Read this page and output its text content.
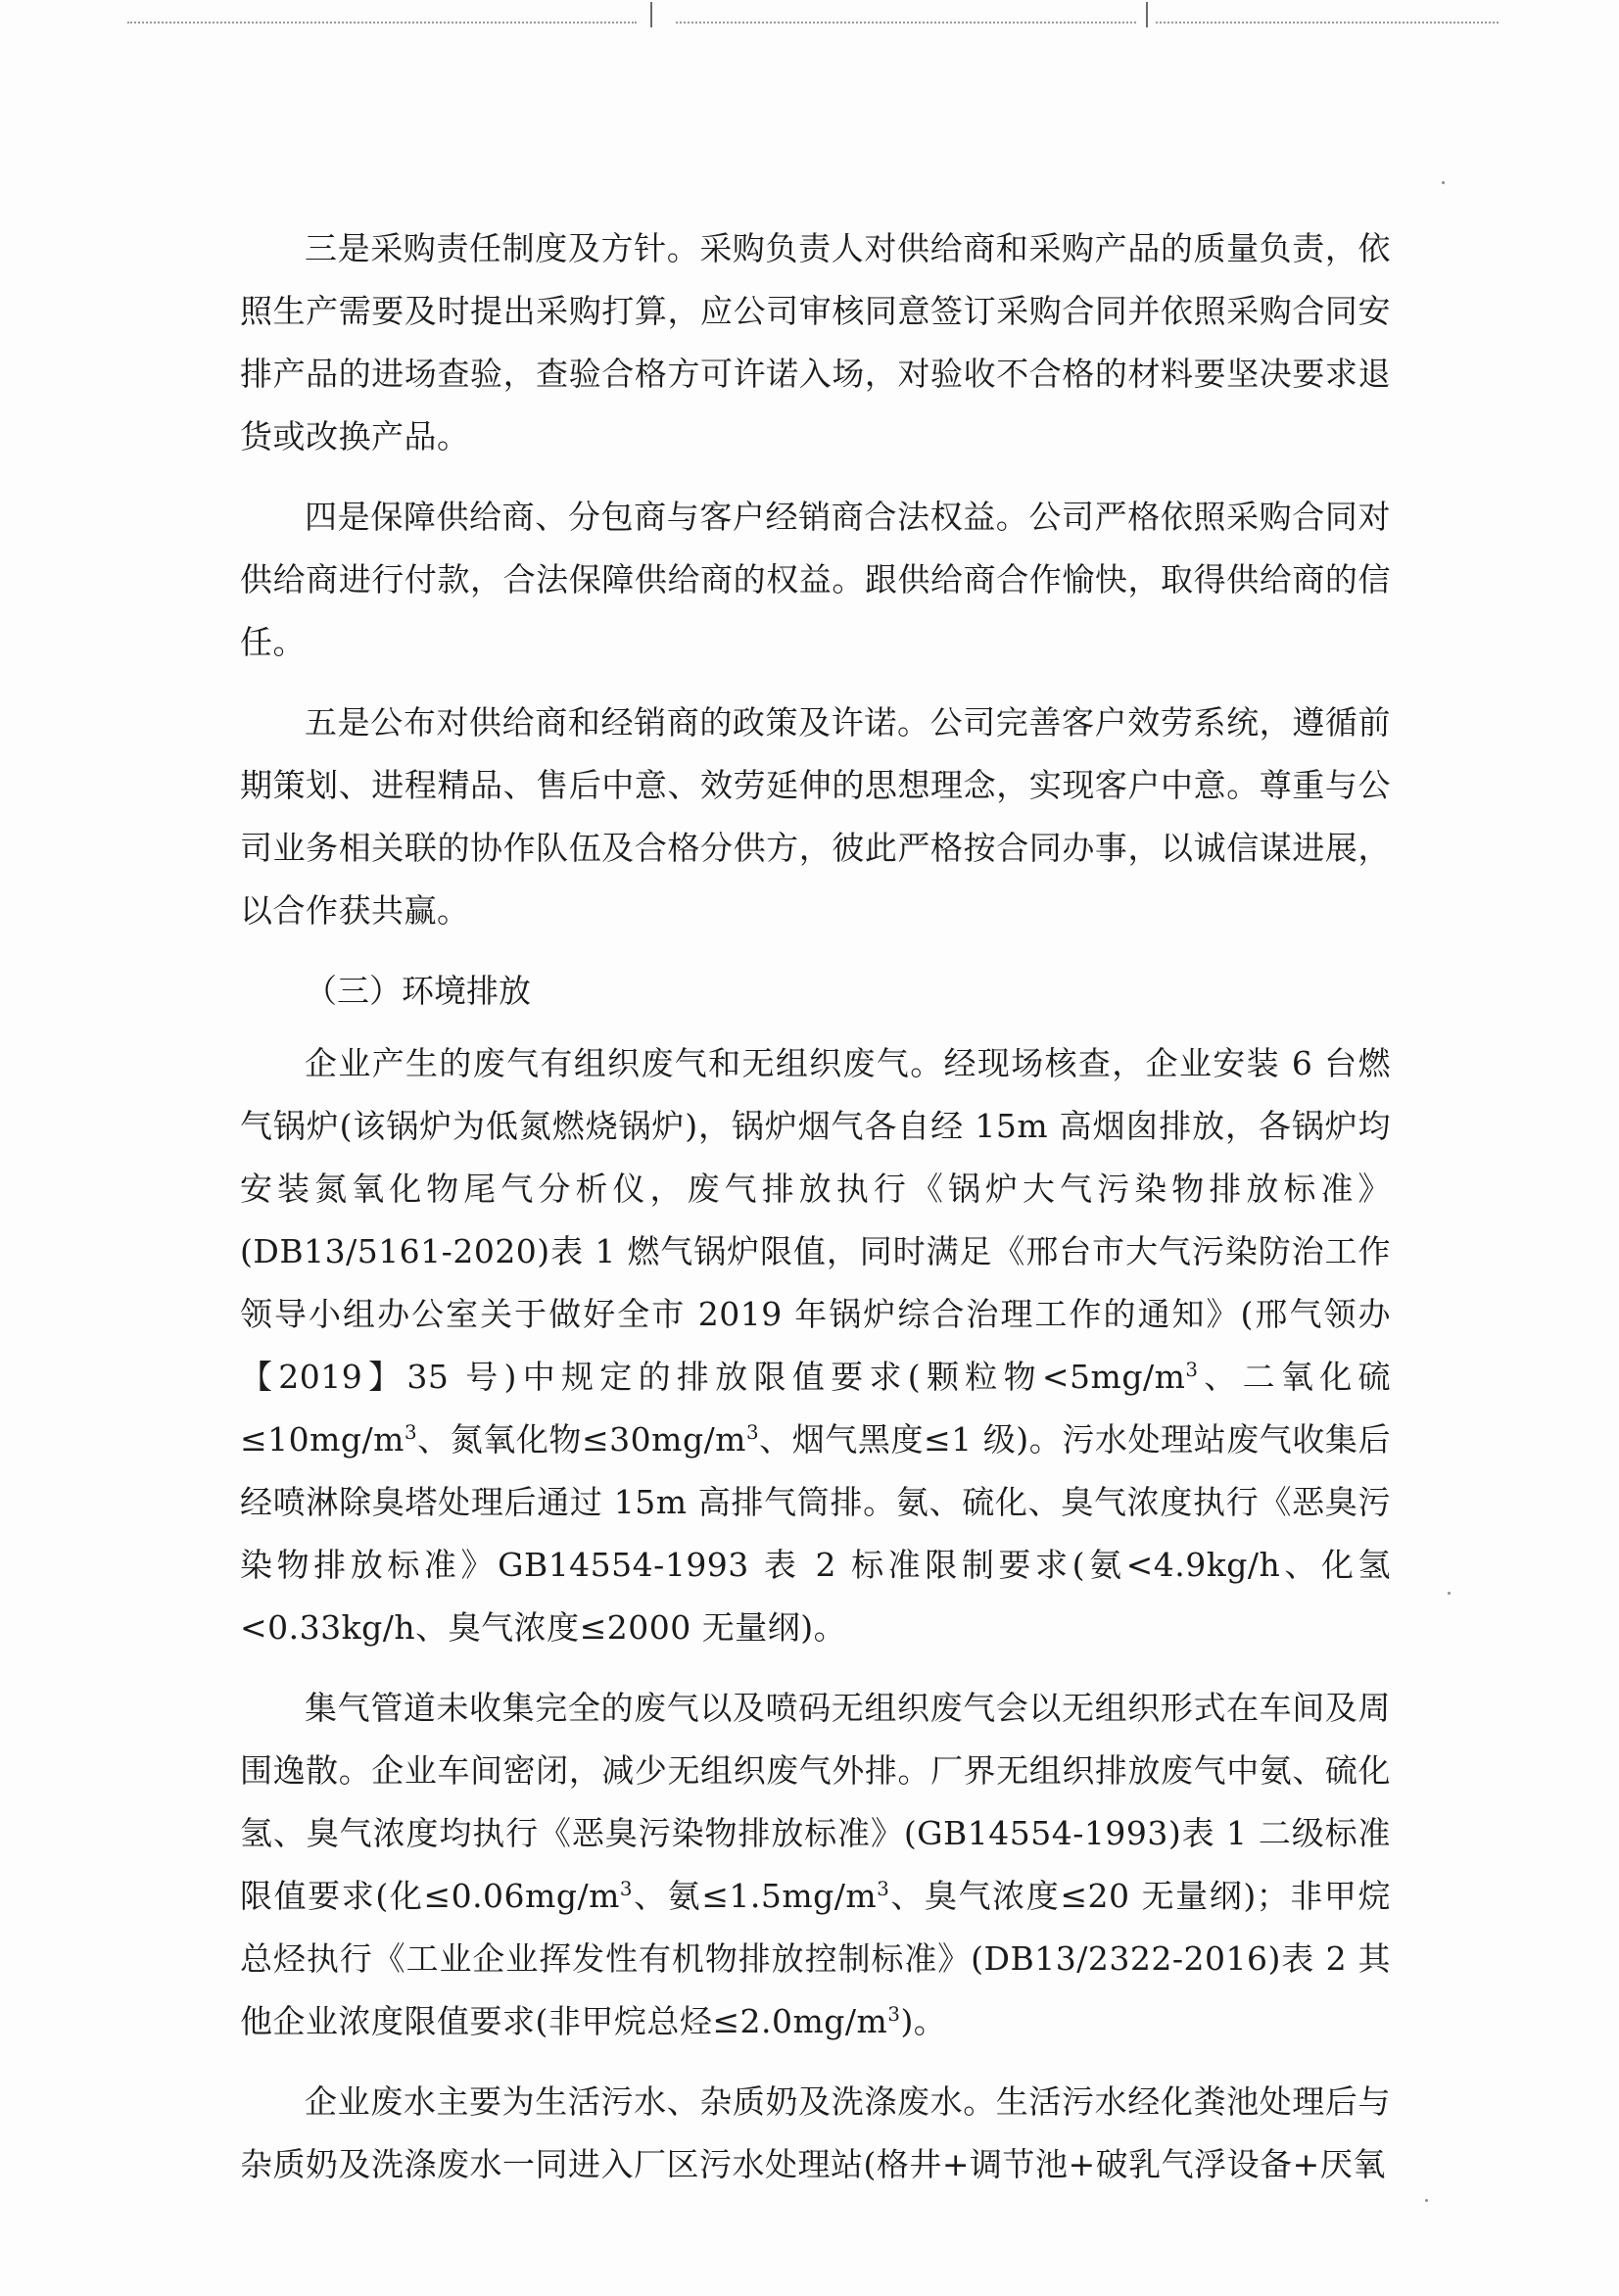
三是采购责任制度及方针。采购负责人对供给商和采购产品的质量负责，依照生产需要及时提出采购打算，应公司审核同意签订采购合同并依照采购合同安排产品的进场查验，查验合格方可许诺入场，对验收不合格的材料要坚决要求退货或改换产品。

四是保障供给商、分包商与客户经销商合法权益。公司严格依照采购合同对供给商进行付款，合法保障供给商的权益。跟供给商合作愉快，取得供给商的信任。

五是公布对供给商和经销商的政策及许诺。公司完善客户效劳系统，遵循前期策划、进程精品、售后中意、效劳延伸的思想理念，实现客户中意。尊重与公司业务相关联的协作队伍及合格分供方，彼此严格按合同办事，以诚信谋进展，以合作获共赢。

（三）环境排放

企业产生的废气有组织废气和无组织废气。经现场核查，企业安装 6 台燃气锅炉(该锅炉为低氮燃烧锅炉)，锅炉烟气各自经 15m 高烟囱排放，各锅炉均安装氮氧化物尾气分析仪，废气排放执行《锅炉大气污染物排放标准》(DB13/5161-2020)表 1 燃气锅炉限值，同时满足《邢台市大气污染防治工作领导小组办公室关于做好全市 2019 年锅炉综合治理工作的通知》(邢气领办【2019】35 号)中规定的排放限值要求(颗粒物$<5mg/m^3$、二氧化硫$\le 10mg/m^3$、氮氧化物$\le 30mg/m^3$、烟气黑度≤1 级)。污水处理站废气收集后经喷淋除臭塔处理后通过 15m 高排气筒排。氨、硫化、臭气浓度执行《恶臭污染物排放标准》GB14554-1993 表 2 标准限制要求(氨<4.9kg/h、化氢<0.33kg/h、臭气浓度≤2000 无量纲)。

集气管道未收集完全的废气以及喷码无组织废气会以无组织形式在车间及周围逸散。企业车间密闭，减少无组织废气外排。厂界无组织排放废气中氨、硫化氢、臭气浓度均执行《恶臭污染物排放标准》(GB14554-1993)表 1 二级标准限值要求(化$\le 0.06mg/m^3$、氨$\le 1.5mg/m^3$、臭气浓度≤20 无量纲)；非甲烷总烃执行《工业企业挥发性有机物排放控制标准》(DB13/2322-2016)表 2 其他企业浓度限值要求(非甲烷总烃$\le 2.0mg/m^3$)。

企业废水主要为生活污水、杂质奶及洗涤废水。生活污水经化粪池处理后与杂质奶及洗涤废水一同进入厂区污水处理站(格井+调节池+破乳气浮设备+厌氧
